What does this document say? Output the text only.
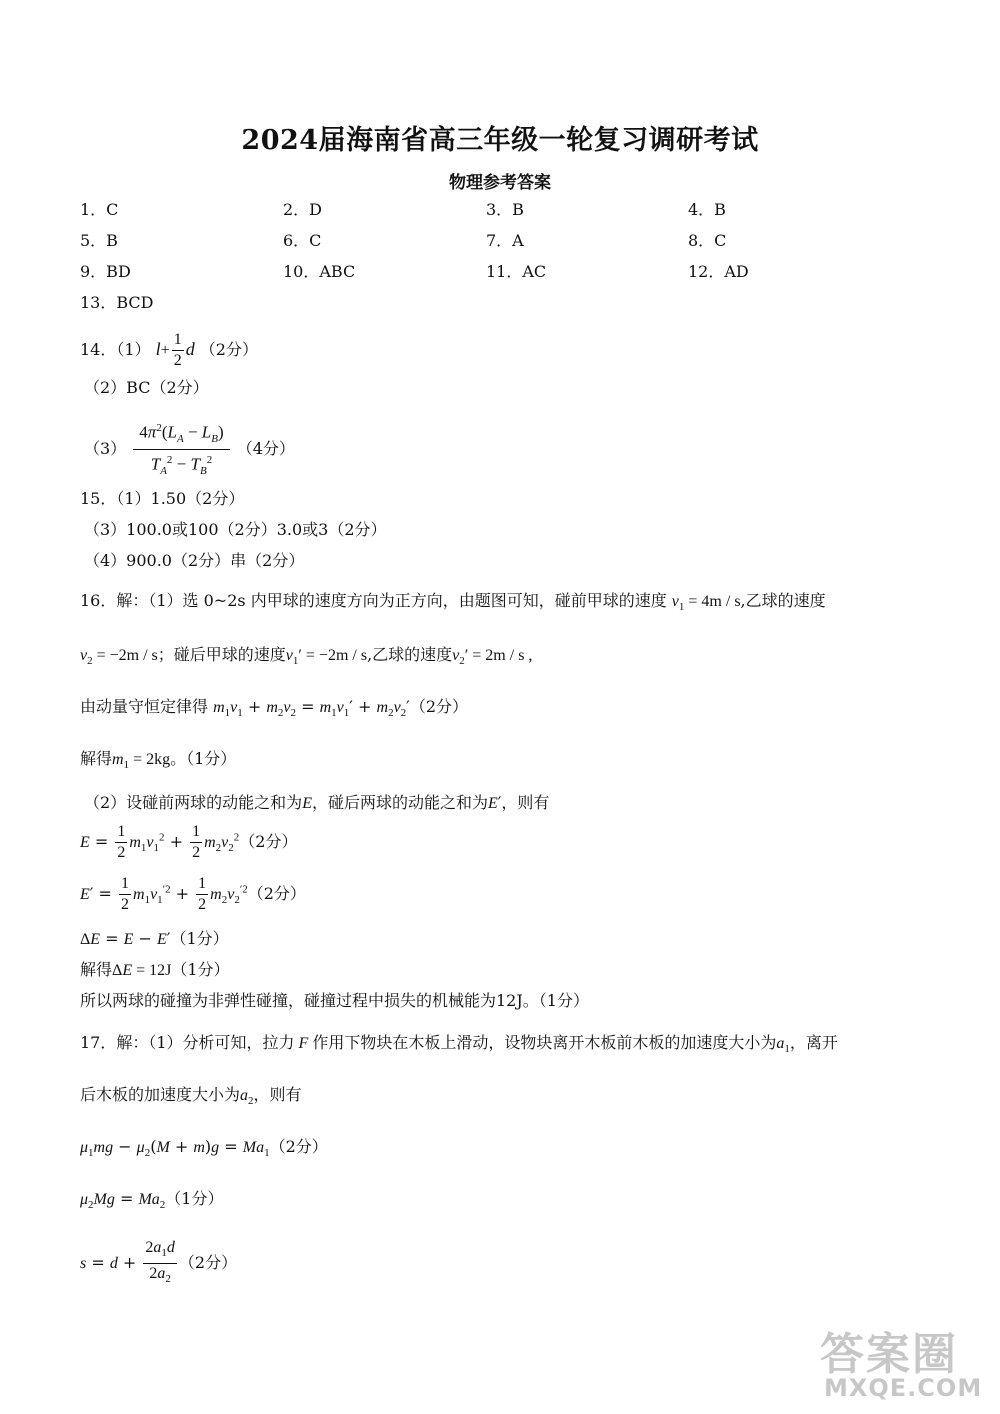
2024届海南省高三年级一轮复习调研考试
物理参考答案
1．C	2．D	3．B	4．B
5．B	6．C	7．A	8．C
9．BD	10．ABC	11．AC	12．AD
13．BCD
14．（1） $l+ \frac{1}{2}$ d （2分）
（2）BC（2分）
$(3) \frac{4\pi^2(L_A - L_B)}{T_A^2 - T_B^2} (4$分）
15．（1）1.50（2分）
（3）100.0或100（2分）3.0或3（2分）
（4）900.0（2分）串（2分）
16．解：（1）选 0~2s 内甲球的速度方向为正方向，由题图可知，碰前甲球的速度 $v_1 = 4m / s$,乙球的速度
$v_2 = -2m / s$；碰后甲球的速度$v_1' = -2m / s$,乙球的速度$v_2' = 2m / s$ ,
由动量守恒定律得 $m_1v_1 + m_2v_2 = m_1v_1' + m_2v_2'(2$分）
解得$m_1 = 2kg$。（1分）
（2）设碰前两球的动能之和为E，碰后两球的动能之和为E′，则有
$E = \frac{1}{2} m_1v_1^2 + \frac{1}{2} m_2v_2^2(2$分）
$E' = \frac{1}{2} m_1v_1^{'2} + \frac{1}{2} m_2v_2^{'2}(2$分）
ΔE = E − E′（1分）
解得ΔE = 12J（1分）
所以两球的碰撞为非弹性碰撞，碰撞过程中损失的机械能为12J。（1分）
17．解：（1）分析可知，拉力 F 作用下物块在木板上滑动，设物块离开木板前木板的加速度大小为$a_1$，离开
后木板的加速度大小为$a_2$，则有
$\mu_1mg - \mu_2(M + m)g = Ma_1(2$分）
$\mu_2Mg = Ma_2(1$分）
$s = d + \frac{2a_1d}{2a_2} (2$分）
答案圈
MXQE.COM
